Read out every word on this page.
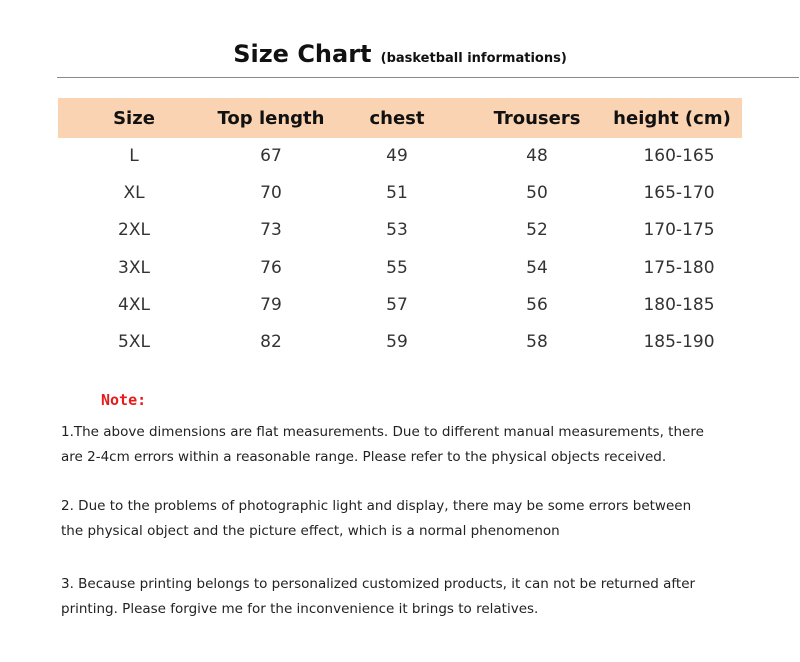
Size Chart (basketball informations)
Size	Top length	chest	Trousers	height (cm)
L	67	49	48	160-165
XL	70	51	50	165-170
2XL	73	53	52	170-175
3XL	76	55	54	175-180
4XL	79	57	56	180-185
5XL	82	59	58	185-190
Note:
1.The above dimensions are flat measurements. Due to different manual measurements, there
are 2-4cm errors within a reasonable range. Please refer to the physical objects received.
2. Due to the problems of photographic light and display, there may be some errors between
the physical object and the picture effect, which is a normal phenomenon
3. Because printing belongs to personalized customized products, it can not be returned after
printing. Please forgive me for the inconvenience it brings to relatives.
